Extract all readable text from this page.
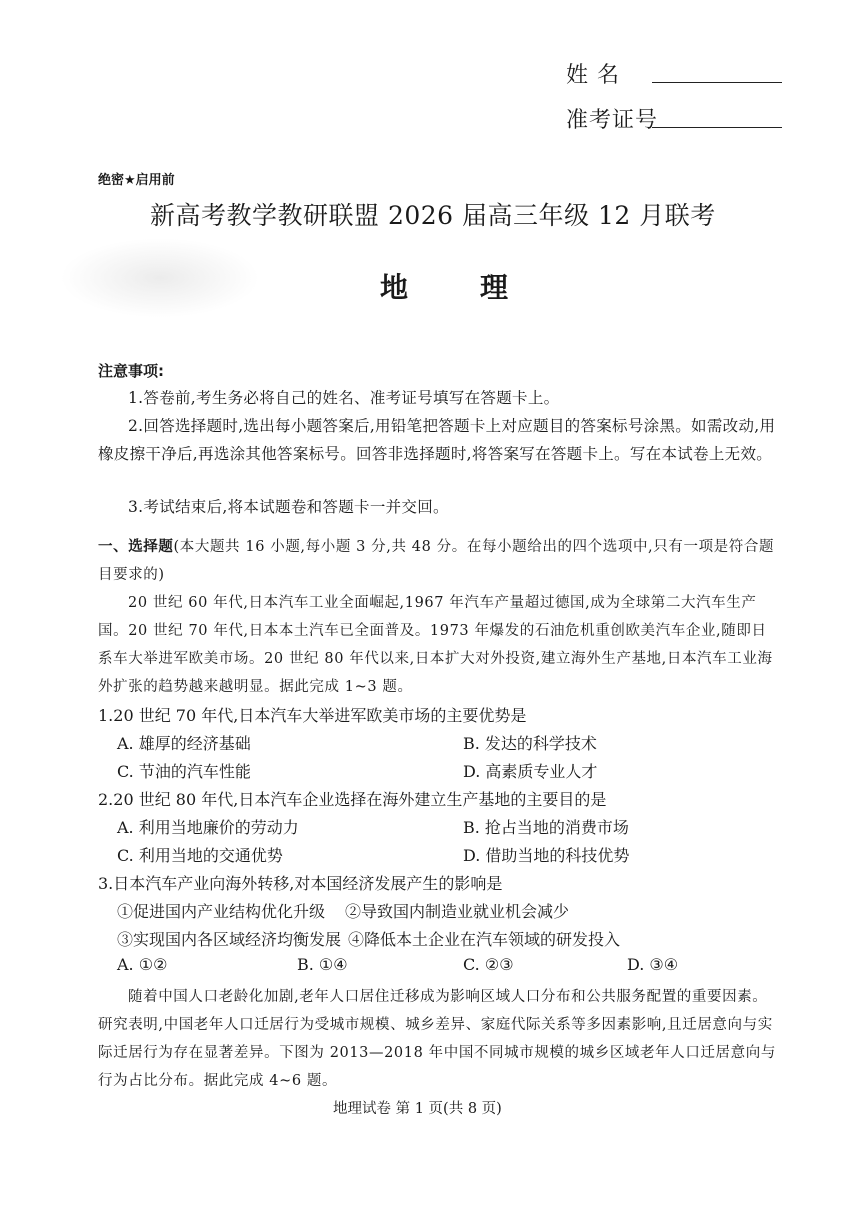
姓 名
准考证号
绝密★启用前
新高考教学教研联盟 2026 届高三年级 12 月联考
地理
注意事项:
1.答卷前,考生务必将自己的姓名、准考证号填写在答题卡上。
2.回答选择题时,选出每小题答案后,用铅笔把答题卡上对应题目的答案标号涂黑。如需改动,用橡皮擦干净后,再选涂其他答案标号。回答非选择题时,将答案写在答题卡上。写在本试卷上无效。
3.考试结束后,将本试题卷和答题卡一并交回。
一、选择题(本大题共 16 小题,每小题 3 分,共 48 分。在每小题给出的四个选项中,只有一项是符合题目要求的)
20 世纪 60 年代,日本汽车工业全面崛起,1967 年汽车产量超过德国,成为全球第二大汽车生产国。20 世纪 70 年代,日本本土汽车已全面普及。1973 年爆发的石油危机重创欧美汽车企业,随即日系车大举进军欧美市场。20 世纪 80 年代以来,日本扩大对外投资,建立海外生产基地,日本汽车工业海外扩张的趋势越来越明显。据此完成 1~3 题。
1.20 世纪 70 年代,日本汽车大举进军欧美市场的主要优势是
A. 雄厚的经济基础	B. 发达的科学技术
C. 节油的汽车性能	D. 高素质专业人才
2.20 世纪 80 年代,日本汽车企业选择在海外建立生产基地的主要目的是
A. 利用当地廉价的劳动力	B. 抢占当地的消费市场
C. 利用当地的交通优势	D. 借助当地的科技优势
3.日本汽车产业向海外转移,对本国经济发展产生的影响是
①促进国内产业结构优化升级 ②导致国内制造业就业机会减少
③实现国内各区域经济均衡发展 ④降低本土企业在汽车领域的研发投入
A. ①②	B. ①④	C. ②③	D. ③④
随着中国人口老龄化加剧,老年人口居住迁移成为影响区域人口分布和公共服务配置的重要因素。研究表明,中国老年人口迁居行为受城市规模、城乡差异、家庭代际关系等多因素影响,且迁居意向与实际迁居行为存在显著差异。下图为 2013—2018 年中国不同城市规模的城乡区域老年人口迁居意向与行为占比分布。据此完成 4~6 题。
地理试卷 第 1 页(共 8 页)
